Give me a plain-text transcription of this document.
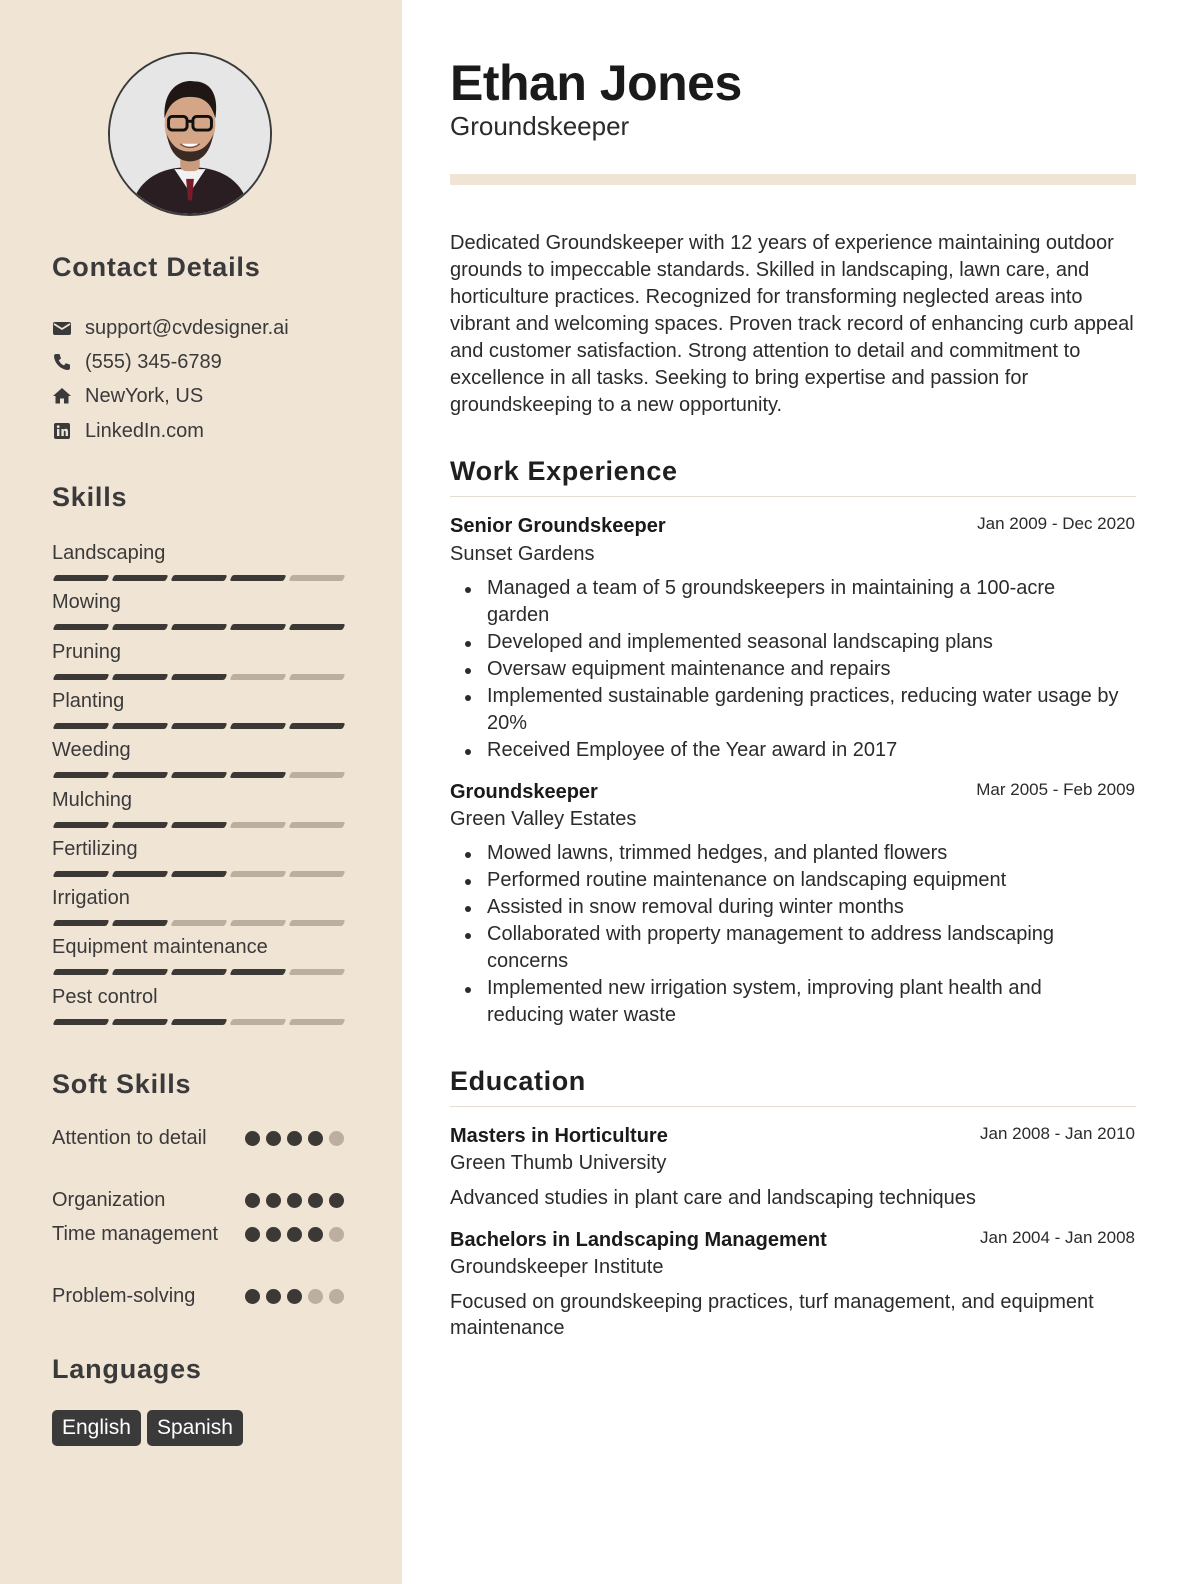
Contact Details
support@cvdesigner.ai
(555) 345-6789
NewYork, US
LinkedIn.com
Skills
Landscaping
Mowing
Pruning
Planting
Weeding
Mulching
Fertilizing
Irrigation
Equipment maintenance
Pest control
Soft Skills
Attention to detail
Organization
Time management
Problem-solving
Languages
English	Spanish
Ethan Jones
Groundskeeper
Dedicated Groundskeeper with 12 years of experience maintaining outdoor grounds to impeccable standards. Skilled in landscaping, lawn care, and horticulture practices. Recognized for transforming neglected areas into vibrant and welcoming spaces. Proven track record of enhancing curb appeal and customer satisfaction. Strong attention to detail and commitment to excellence in all tasks. Seeking to bring expertise and passion for groundskeeping to a new opportunity.
Work Experience
Senior Groundskeeper	Jan 2009 - Dec 2020
Sunset Gardens
Managed a team of 5 groundskeepers in maintaining a 100-acre garden
Developed and implemented seasonal landscaping plans
Oversaw equipment maintenance and repairs
Implemented sustainable gardening practices, reducing water usage by 20%
Received Employee of the Year award in 2017
Groundskeeper	Mar 2005 - Feb 2009
Green Valley Estates
Mowed lawns, trimmed hedges, and planted flowers
Performed routine maintenance on landscaping equipment
Assisted in snow removal during winter months
Collaborated with property management to address landscaping concerns
Implemented new irrigation system, improving plant health and reducing water waste
Education
Masters in Horticulture	Jan 2008 - Jan 2010
Green Thumb University
Advanced studies in plant care and landscaping techniques
Bachelors in Landscaping Management	Jan 2004 - Jan 2008
Groundskeeper Institute
Focused on groundskeeping practices, turf management, and equipment maintenance
